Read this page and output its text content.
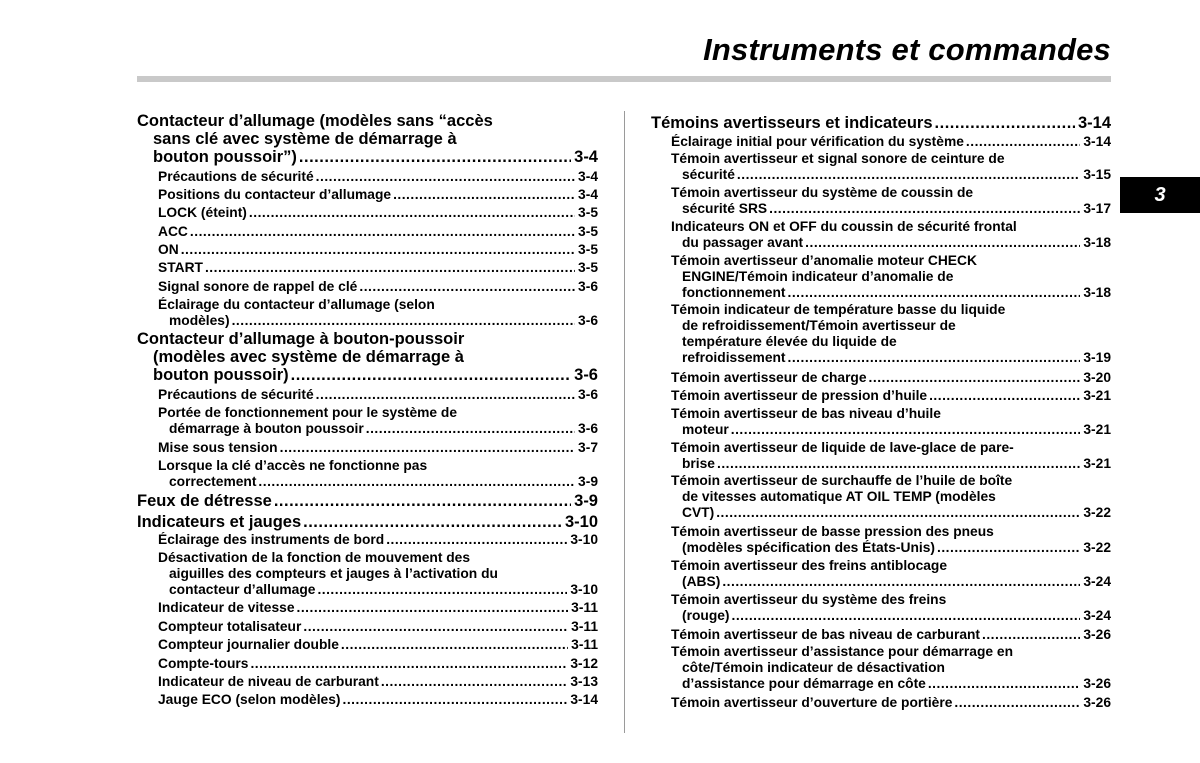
Instruments et commandes
3
Contacteur d’allumage (modèles sans “accès
sans clé avec système de démarrage à
bouton poussoir”) .....	3-4
Précautions de sécurité .....	3-4
Positions du contacteur d’allumage .....	3-4
LOCK (éteint) .....	3-5
ACC .....	3-5
ON .....	3-5
START .....	3-5
Signal sonore de rappel de clé .....	3-6
Éclairage du contacteur d’allumage (selon
modèles) .....	3-6
Contacteur d’allumage à bouton-poussoir
(modèles avec système de démarrage à
bouton poussoir) .....	3-6
Précautions de sécurité .....	3-6
Portée de fonctionnement pour le système de
démarrage à bouton poussoir .....	3-6
Mise sous tension .....	3-7
Lorsque la clé d’accès ne fonctionne pas
correctement .....	3-9
Feux de détresse .....	3-9
Indicateurs et jauges .....	3-10
Éclairage des instruments de bord .....	3-10
Désactivation de la fonction de mouvement des
aiguilles des compteurs et jauges à l’activation du
contacteur d’allumage .....	3-10
Indicateur de vitesse .....	3-11
Compteur totalisateur .....	3-11
Compteur journalier double .....	3-11
Compte-tours .....	3-12
Indicateur de niveau de carburant .....	3-13
Jauge ECO (selon modèles) .....	3-14
Témoins avertisseurs et indicateurs .....	3-14
Éclairage initial pour vérification du système .....	3-14
Témoin avertisseur et signal sonore de ceinture de
sécurité .....	3-15
Témoin avertisseur du système de coussin de
sécurité SRS .....	3-17
Indicateurs ON et OFF du coussin de sécurité frontal
du passager avant .....	3-18
Témoin avertisseur d’anomalie moteur CHECK
ENGINE/Témoin indicateur d’anomalie de
fonctionnement .....	3-18
Témoin indicateur de température basse du liquide
de refroidissement/Témoin avertisseur de
température élevée du liquide de
refroidissement .....	3-19
Témoin avertisseur de charge .....	3-20
Témoin avertisseur de pression d’huile .....	3-21
Témoin avertisseur de bas niveau d’huile
moteur .....	3-21
Témoin avertisseur de liquide de lave-glace de pare-
brise .....	3-21
Témoin avertisseur de surchauffe de l’huile de boîte
de vitesses automatique AT OIL TEMP (modèles
CVT) .....	3-22
Témoin avertisseur de basse pression des pneus
(modèles spécification des États-Unis) .....	3-22
Témoin avertisseur des freins antiblocage
(ABS) .....	3-24
Témoin avertisseur du système des freins
(rouge) .....	3-24
Témoin avertisseur de bas niveau de carburant .....	3-26
Témoin avertisseur d’assistance pour démarrage en
côte/Témoin indicateur de désactivation
d’assistance pour démarrage en côte .....	3-26
Témoin avertisseur d’ouverture de portière .....	3-26
